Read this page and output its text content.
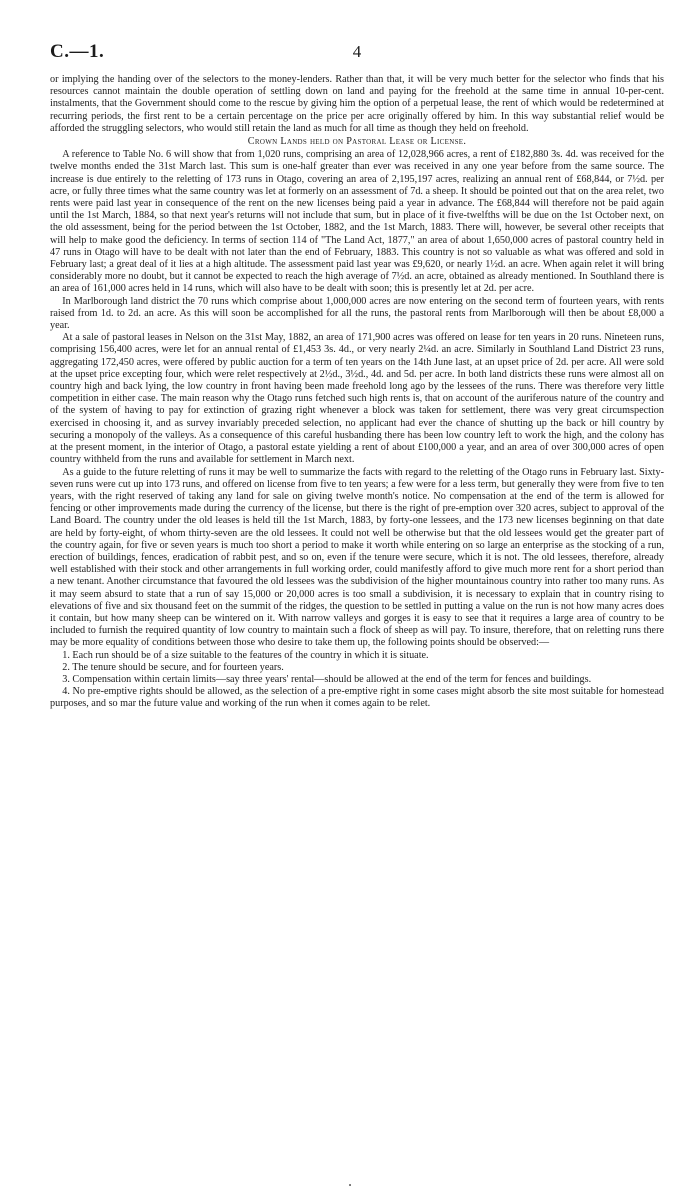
C.—1.	4

or implying the handing over of the selectors to the money-lenders. Rather than that, it will be very much better for the selector who finds that his resources cannot maintain the double operation of settling down on land and paying for the freehold at the same time in annual 10-per-cent. instalments, that the Government should come to the rescue by giving him the option of a perpetual lease, the rent of which would be redetermined at recurring periods, the first rent to be a certain percentage on the price per acre originally offered by him. In this way substantial relief would be afforded the struggling selectors, who would still retain the land as much for all time as though they held on freehold.

Crown Lands held on Pastoral Lease or License.

A reference to Table No. 6 will show that from 1,020 runs, comprising an area of 12,028,966 acres, a rent of £182,880 3s. 4d. was received for the twelve months ended the 31st March last. This sum is one-half greater than ever was received in any one year before from the same source. The increase is due entirely to the reletting of 173 runs in Otago, covering an area of 2,195,197 acres, realizing an annual rent of £68,844, or 7½d. per acre, or fully three times what the same country was let at formerly on an assessment of 7d. a sheep. It should be pointed out that on the area relet, two rents were paid last year in consequence of the rent on the new licenses being paid a year in advance. The £68,844 will therefore not be paid again until the 1st March, 1884, so that next year's returns will not include that sum, but in place of it five-twelfths will be due on the 1st October next, on the old assessment, being for the period between the 1st October, 1882, and the 1st March, 1883. There will, however, be several other receipts that will help to make good the deficiency. In terms of section 114 of "The Land Act, 1877," an area of about 1,650,000 acres of pastoral country held in 47 runs in Otago will have to be dealt with not later than the end of February, 1883. This country is not so valuable as what was offered and sold in February last; a great deal of it lies at a high altitude. The assessment paid last year was £9,620, or nearly 1½d. an acre. When again relet it will bring considerably more no doubt, but it cannot be expected to reach the high average of 7½d. an acre, obtained as already mentioned. In Southland there is an area of 161,000 acres held in 14 runs, which will also have to be dealt with soon; this is presently let at 2d. per acre.

In Marlborough land district the 70 runs which comprise about 1,000,000 acres are now entering on the second term of fourteen years, with rents raised from 1d. to 2d. an acre. As this will soon be accomplished for all the runs, the pastoral rents from Marlborough will then be about £8,000 a year.

At a sale of pastoral leases in Nelson on the 31st May, 1882, an area of 171,900 acres was offered on lease for ten years in 20 runs. Nineteen runs, comprising 156,400 acres, were let for an annual rental of £1,453 3s. 4d., or very nearly 2¼d. an acre. Similarly in Southland Land District 23 runs, aggregating 172,450 acres, were offered by public auction for a term of ten years on the 14th June last, at an upset price of 2d. per acre. All were sold at the upset price excepting four, which were relet respectively at 2½d., 3½d., 4d. and 5d. per acre. In both land districts these runs were almost all on country high and back lying, the low country in front having been made freehold long ago by the lessees of the runs. There was therefore very little competition in either case. The main reason why the Otago runs fetched such high rents is, that on account of the auriferous nature of the country and of the system of having to pay for extinction of grazing right whenever a block was taken for settlement, there was very great circumspection exercised in choosing it, and as survey invariably preceded selection, no applicant had ever the chance of shutting up the back or hill country by securing a monopoly of the valleys. As a consequence of this careful husbanding there has been low country left to work the high, and the colony has at the present moment, in the interior of Otago, a pastoral estate yielding a rent of about £100,000 a year, and an area of over 300,000 acres of open country withheld from the runs and available for settlement in March next.

As a guide to the future reletting of runs it may be well to summarize the facts with regard to the reletting of the Otago runs in February last. Sixty-seven runs were cut up into 173 runs, and offered on license from five to ten years; a few were for a less term, but generally they were from five to ten years, with the right reserved of taking any land for sale on giving twelve month's notice. No compensation at the end of the term is allowed for fencing or other improvements made during the currency of the license, but there is the right of pre-emption over 320 acres, subject to approval of the Land Board. The country under the old leases is held till the 1st March, 1883, by forty-one lessees, and the 173 new licenses beginning on that date are held by forty-eight, of whom thirty-seven are the old lessees. It could not well be otherwise but that the old lessees would get the greater part of the country again, for five or seven years is much too short a period to make it worth while entering on so large an enterprise as the stocking of a run, erection of buildings, fences, eradication of rabbit pest, and so on, even if the tenure were secure, which it is not. The old lessees, therefore, already well established with their stock and other arrangements in full working order, could manifestly afford to give much more rent for a short period than a new tenant. Another circumstance that favoured the old lessees was the subdivision of the higher mountainous country into rather too many runs. As it may seem absurd to state that a run of say 15,000 or 20,000 acres is too small a subdivision, it is necessary to explain that in country rising to elevations of five and six thousand feet on the summit of the ridges, the question to be settled in putting a value on the run is not how many acres does it contain, but how many sheep can be wintered on it. With narrow valleys and gorges it is easy to see that it requires a large area of country to be included to furnish the required quantity of low country to maintain such a flock of sheep as will pay. To insure, therefore, that on reletting runs there may be more equality of conditions between those who desire to take them up, the following points should be observed:—

1. Each run should be of a size suitable to the features of the country in which it is situate.

2. The tenure should be secure, and for fourteen years.

3. Compensation within certain limits—say three years' rental—should be allowed at the end of the term for fences and buildings.

4. No pre-emptive rights should be allowed, as the selection of a pre-emptive right in some cases might absorb the site most suitable for homestead purposes, and so mar the future value and working of the run when it comes again to be relet.

•
